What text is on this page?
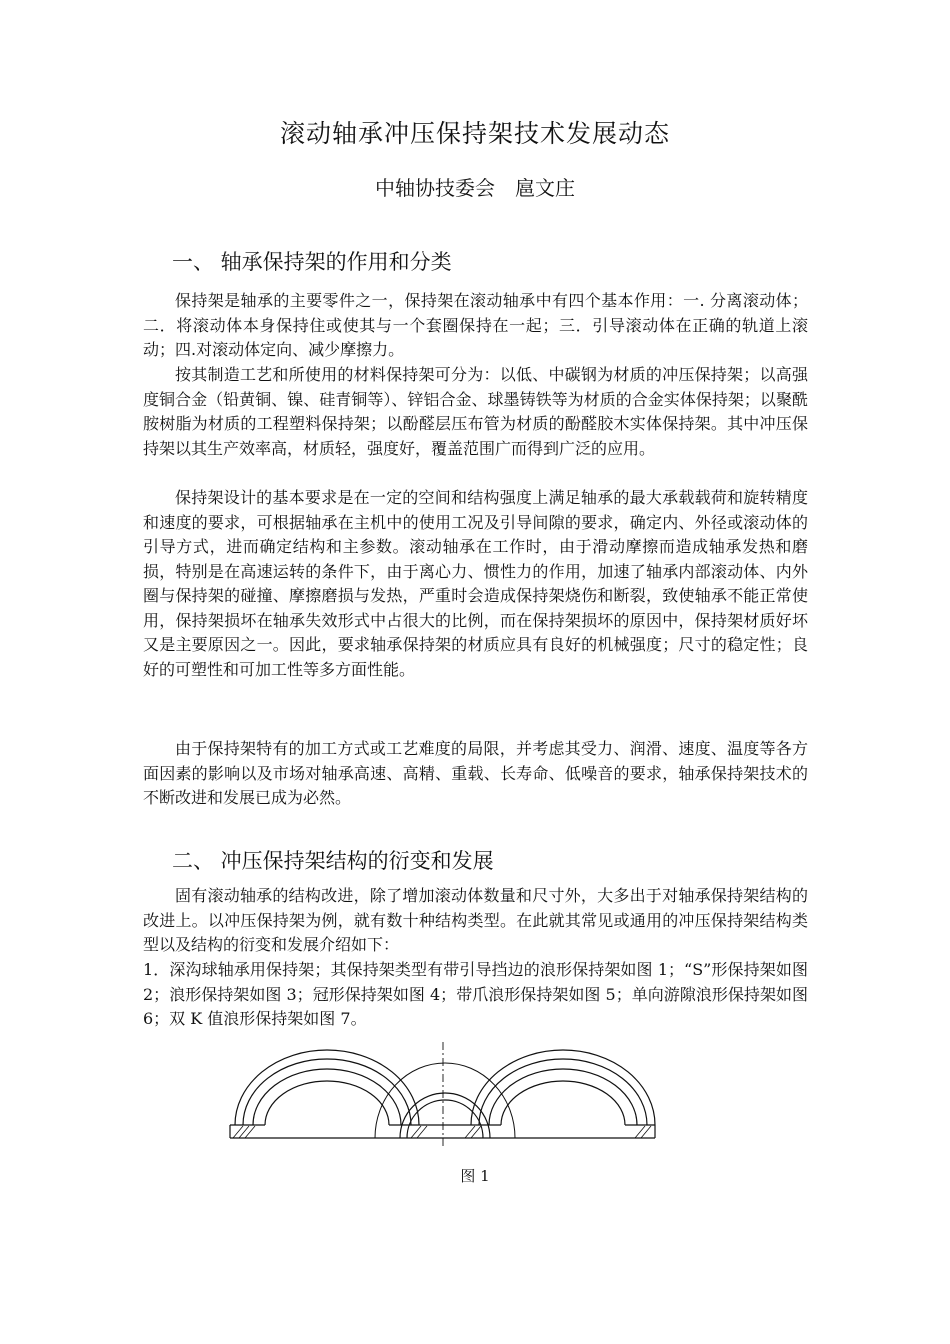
滚动轴承冲压保持架技术发展动态
中轴协技委会　扈文庄
一、 轴承保持架的作用和分类
保持架是轴承的主要零件之一，保持架在滚动轴承中有四个基本作用：一. 分离滚动体；二．将滚动体本身保持住或使其与一个套圈保持在一起；三．引导滚动体在正确的轨道上滚动；四.对滚动体定向、减少摩擦力。
按其制造工艺和所使用的材料保持架可分为：以低、中碳钢为材质的冲压保持架；以高强度铜合金（铅黄铜、镍、硅青铜等）、锌铝合金、球墨铸铁等为材质的合金实体保持架；以聚酰胺树脂为材质的工程塑料保持架；以酚醛层压布管为材质的酚醛胶木实体保持架。其中冲压保持架以其生产效率高，材质轻，强度好，覆盖范围广而得到广泛的应用。
保持架设计的基本要求是在一定的空间和结构强度上满足轴承的最大承载载荷和旋转精度和速度的要求，可根据轴承在主机中的使用工况及引导间隙的要求，确定内、外径或滚动体的引导方式，进而确定结构和主参数。滚动轴承在工作时，由于滑动摩擦而造成轴承发热和磨损，特别是在高速运转的条件下，由于离心力、惯性力的作用，加速了轴承内部滚动体、内外圈与保持架的碰撞、摩擦磨损与发热，严重时会造成保持架烧伤和断裂，致使轴承不能正常使用，保持架损坏在轴承失效形式中占很大的比例，而在保持架损坏的原因中，保持架材质好坏又是主要原因之一。因此，要求轴承保持架的材质应具有良好的机械强度；尺寸的稳定性；良好的可塑性和可加工性等多方面性能。
由于保持架特有的加工方式或工艺难度的局限，并考虑其受力、润滑、速度、温度等各方面因素的影响以及市场对轴承高速、高精、重载、长寿命、低噪音的要求，轴承保持架技术的不断改进和发展已成为必然。
二、 冲压保持架结构的衍变和发展
固有滚动轴承的结构改进，除了增加滚动体数量和尺寸外，大多出于对轴承保持架结构的改进上。以冲压保持架为例，就有数十种结构类型。在此就其常见或通用的冲压保持架结构类型以及结构的衍变和发展介绍如下：
1．深沟球轴承用保持架；其保持架类型有带引导挡边的浪形保持架如图 1；“S”形保持架如图 2；浪形保持架如图 3；冠形保持架如图 4；带爪浪形保持架如图 5；单向游隙浪形保持架如图 6；双 K 值浪形保持架如图 7。
图 1
